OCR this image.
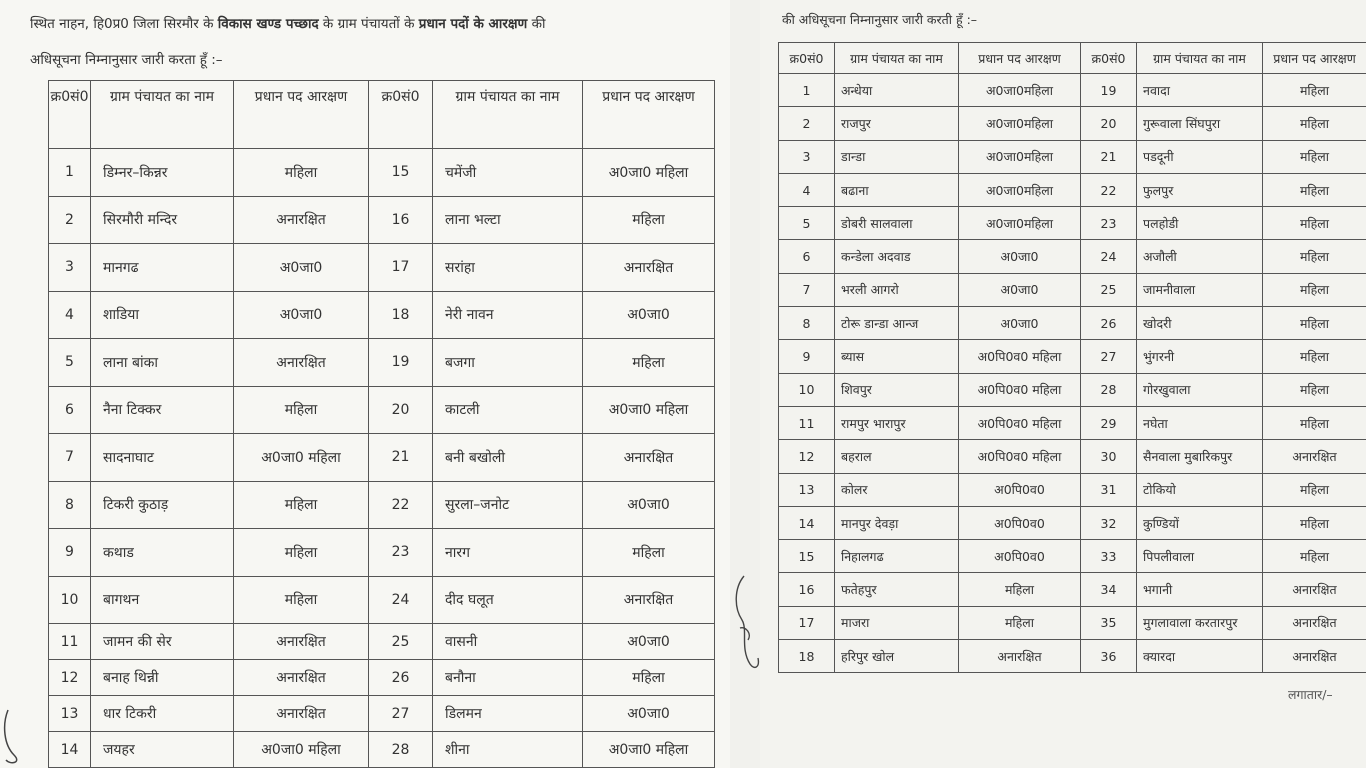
स्थित नाहन, हि0प्र0 जिला सिरमौर के विकास खण्ड पच्छाद के ग्राम पंचायतों के प्रधान पदों के आरक्षण की
अधिसूचना निम्नानुसार जारी करता हूँ :–
क्र0सं0	ग्राम पंचायत का नाम	प्रधान पद आरक्षण	क्र0सं0	ग्राम पंचायत का नाम	प्रधान पद आरक्षण
1	डिम्नर–किन्नर	महिला	15	चमेंजी	अ0जा0 महिला
2	सिरमौरी मन्दिर	अनारक्षित	16	लाना भल्टा	महिला
3	मानगढ	अ0जा0	17	सरांहा	अनारक्षित
4	शाडिया	अ0जा0	18	नेरी नावन	अ0जा0
5	लाना बांका	अनारक्षित	19	बजगा	महिला
6	नैना टिक्कर	महिला	20	काटली	अ0जा0 महिला
7	सादनाघाट	अ0जा0 महिला	21	बनी बखोली	अनारक्षित
8	टिकरी कुठाड़	महिला	22	सुरला–जनोट	अ0जा0
9	कथाड	महिला	23	नारग	महिला
10	बागथन	महिला	24	दीद घलूत	अनारक्षित
11	जामन की सेर	अनारक्षित	25	वासनी	अ0जा0
12	बनाह थिन्नी	अनारक्षित	26	बनौना	महिला
13	धार टिकरी	अनारक्षित	27	डिलमन	अ0जा0
14	जयहर	अ0जा0 महिला	28	शीना	अ0जा0 महिला
की अधिसूचना निम्नानुसार जारी करती हूँ :–
लगातार/–
क्र0सं0	ग्राम पंचायत का नाम	प्रधान पद आरक्षण	क्र0सं0	ग्राम पंचायत का नाम	प्रधान पद आरक्षण
1	अन्धेया	अ0जा0महिला	19	नवादा	महिला
2	राजपुर	अ0जा0महिला	20	गुरूवाला सिंघपुरा	महिला
3	डान्डा	अ0जा0महिला	21	पडदूनी	महिला
4	बढाना	अ0जा0महिला	22	फुलपुर	महिला
5	डोबरी सालवाला	अ0जा0महिला	23	पलहोडी	महिला
6	कन्डेला अदवाड	अ0जा0	24	अजौली	महिला
7	भरली आगरो	अ0जा0	25	जामनीवाला	महिला
8	टोरू डान्डा आन्ज	अ0जा0	26	खोदरी	महिला
9	ब्यास	अ0पि0व0 महिला	27	भुंगरनी	महिला
10	शिवपुर	अ0पि0व0 महिला	28	गोरखुवाला	महिला
11	रामपुर भारापुर	अ0पि0व0 महिला	29	नघेता	महिला
12	बहराल	अ0पि0व0 महिला	30	सैनवाला मुबारिकपुर	अनारक्षित
13	कोलर	अ0पि0व0	31	टोकियो	महिला
14	मानपुर देवड़ा	अ0पि0व0	32	कुण्डियों	महिला
15	निहालगढ	अ0पि0व0	33	पिपलीवाला	महिला
16	फतेहपुर	महिला	34	भगानी	अनारक्षित
17	माजरा	महिला	35	मुगलावाला करतारपुर	अनारक्षित
18	हरिपुर खोल	अनारक्षित	36	क्यारदा	अनारक्षित
